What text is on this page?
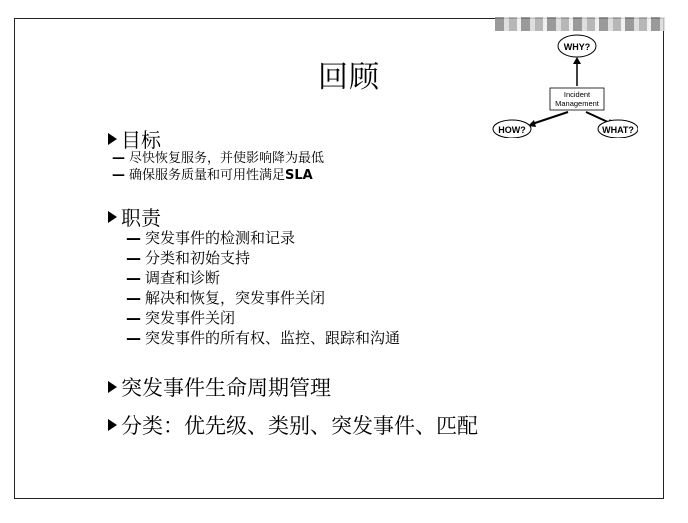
回顾
WHY?
Incident
Management
HOW?	WHAT?
目标
— 尽快恢复服务，并使影响降为最低
— 确保服务质量和可用性满足SLA
职责
— 突发事件的检测和记录
— 分类和初始支持
— 调查和诊断
— 解决和恢复，突发事件关闭
— 突发事件关闭
— 突发事件的所有权、监控、跟踪和沟通
突发事件生命周期管理
分类：优先级、类别、突发事件、匹配
